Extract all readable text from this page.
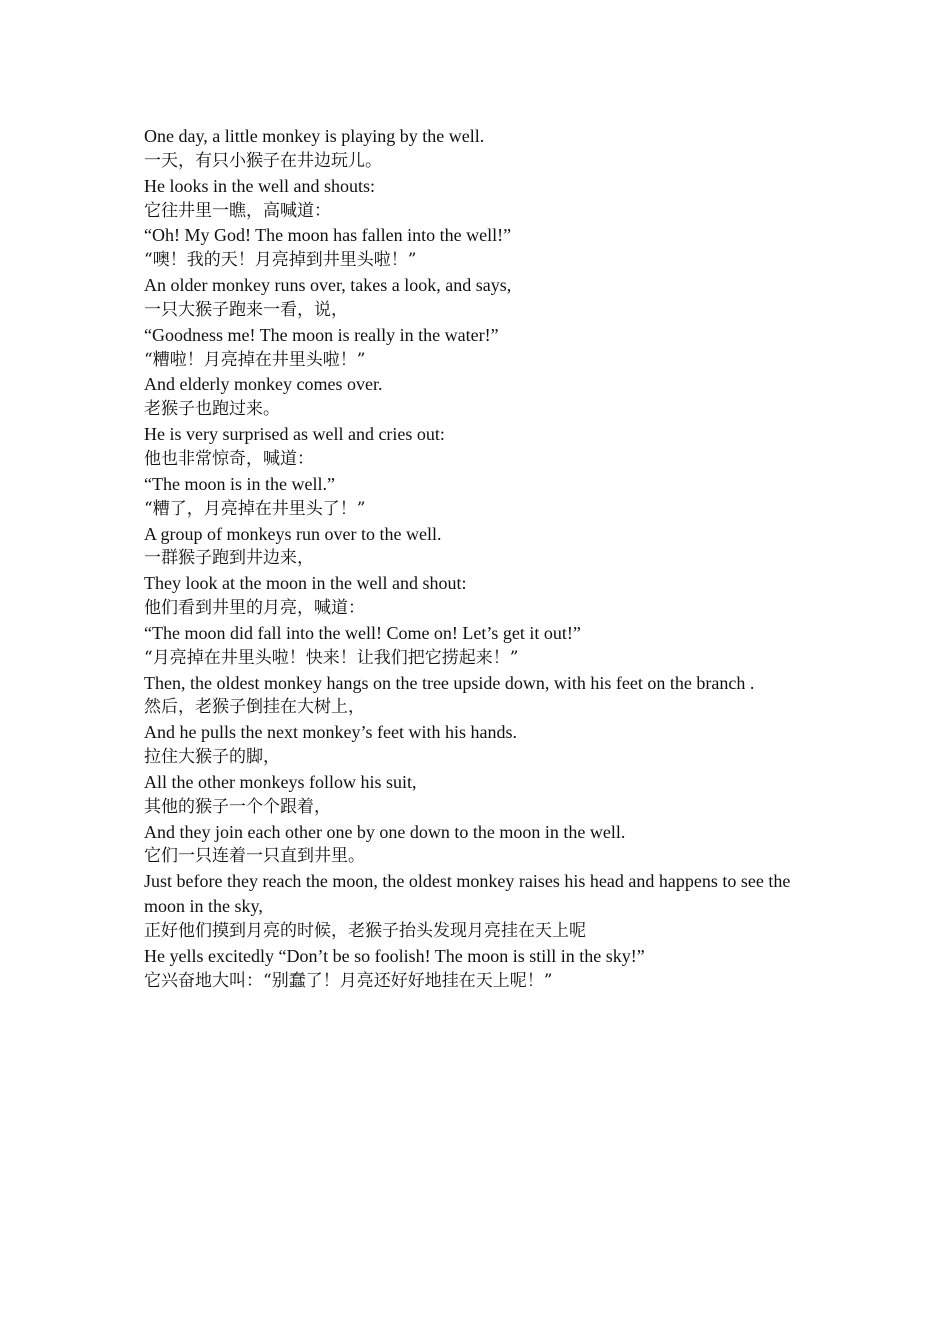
One day, a little monkey is playing by the well.
一天，有只小猴子在井边玩儿。
He looks in the well and shouts:
它往井里一瞧，高喊道：
“Oh! My God! The moon has fallen into the well!”
“噢！我的天！月亮掉到井里头啦！”
An older monkey runs over, takes a look, and says,
一只大猴子跑来一看，说，
“Goodness me! The moon is really in the water!”
“糟啦！月亮掉在井里头啦！”
And elderly monkey comes over.
老猴子也跑过来。
He is very surprised as well and cries out:
他也非常惊奇，喊道：
“The moon is in the well.”
“糟了，月亮掉在井里头了！”
A group of monkeys run over to the well.
一群猴子跑到井边来，
They look at the moon in the well and shout:
他们看到井里的月亮，喊道：
“The moon did fall into the well! Come on! Let’s get it out!”
“月亮掉在井里头啦！快来！让我们把它捞起来！”
Then, the oldest monkey hangs on the tree upside down, with his feet on the branch .
然后，老猴子倒挂在大树上，
And he pulls the next monkey’s feet with his hands.
拉住大猴子的脚，
All the other monkeys follow his suit,
其他的猴子一个个跟着，
And they join each other one by one down to the moon in the well.
它们一只连着一只直到井里。
Just before they reach the moon, the oldest monkey raises his head and happens to see the moon in the sky,
正好他们摸到月亮的时候，老猴子抬头发现月亮挂在天上呢
He yells excitedly “Don’t be so foolish! The moon is still in the sky!”
它兴奋地大叫：“别蠢了！月亮还好好地挂在天上呢！”
